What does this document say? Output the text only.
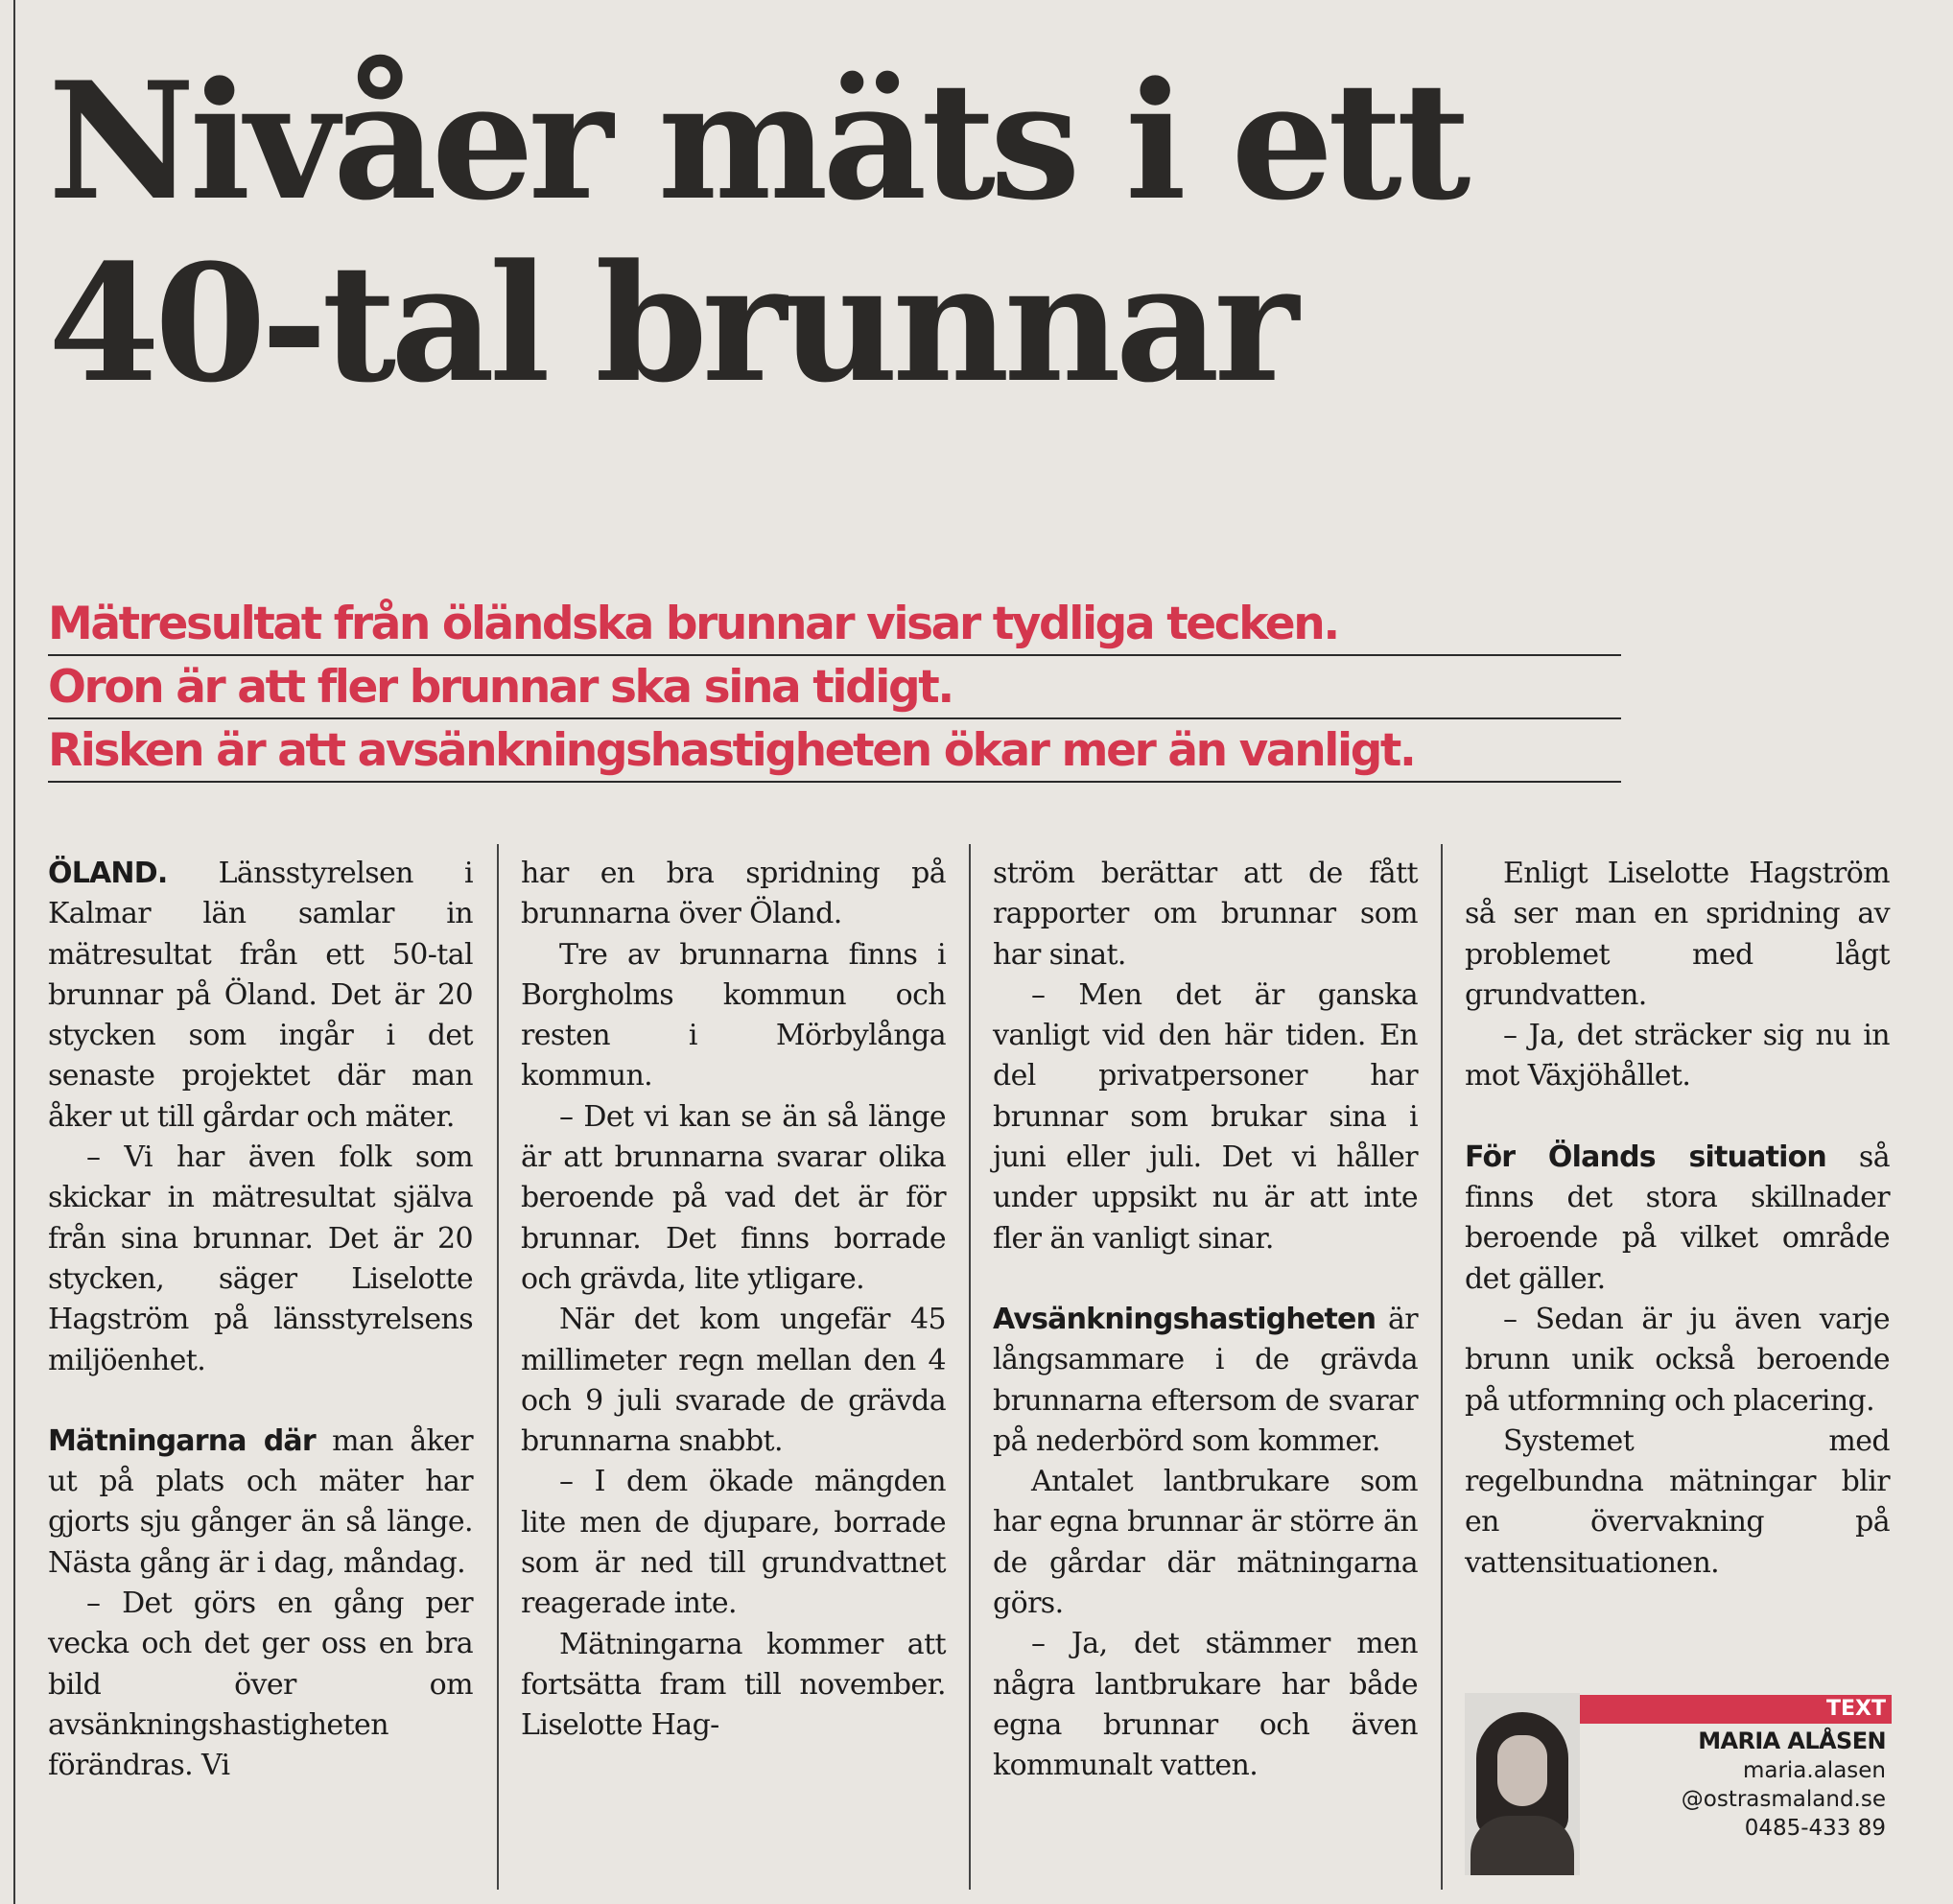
Nivåer mäts i ett
40-tal brunnar
Mätresultat från öländska brunnar visar tydliga tecken.
Oron är att fler brunnar ska sina tidigt.
Risken är att avsänkningshastigheten ökar mer än vanligt.

ÖLAND. Länsstyrelsen i Kalmar län samlar in mätresultat från ett 50-tal brunnar på Öland. Det är 20 stycken som ingår i det senaste projektet där man åker ut till gårdar och mäter.

– Vi har även folk som skickar in mätresultat själva från sina brunnar. Det är 20 stycken, säger Liselotte Hagström på länsstyrelsens miljöenhet.

Mätningarna där man åker ut på plats och mäter har gjorts sju gånger än så länge. Nästa gång är i dag, måndag.

– Det görs en gång per vecka och det ger oss en bra bild över om avsänkningshastigheten förändras. Vi

har en bra spridning på brunnarna över Öland.

Tre av brunnarna finns i Borgholms kommun och resten i Mörbylånga kommun.

– Det vi kan se än så länge är att brunnarna svarar olika beroende på vad det är för brunnar. Det finns borrade och grävda, lite ytligare.

När det kom ungefär 45 millimeter regn mellan den 4 och 9 juli svarade de grävda brunnarna snabbt.

– I dem ökade mängden lite men de djupare, borrade som är ned till grundvattnet reagerade inte.

Mätningarna kommer att fortsätta fram till november. Liselotte Hag-

ström berättar att de fått rapporter om brunnar som har sinat.

– Men det är ganska vanligt vid den här tiden. En del privatpersoner har brunnar som brukar sina i juni eller juli. Det vi håller under uppsikt nu är att inte fler än vanligt sinar.

Avsänkningshastigheten är långsammare i de grävda brunnarna eftersom de svarar på nederbörd som kommer.

Antalet lantbrukare som har egna brunnar är större än de gårdar där mätningarna görs.

– Ja, det stämmer men några lantbrukare har både egna brunnar och även kommunalt vatten.

Enligt Liselotte Hagström så ser man en spridning av problemet med lågt grundvatten.

– Ja, det sträcker sig nu in mot Växjöhållet.

För Ölands situation så finns det stora skillnader beroende på vilket område det gäller.

– Sedan är ju även varje brunn unik också beroende på utformning och placering.

Systemet med regelbundna mätningar blir en övervakning på vattensituationen.

TEXT
MARIA ALÅSEN
maria.alasen
@ostrasmaland.se
0485-433 89
